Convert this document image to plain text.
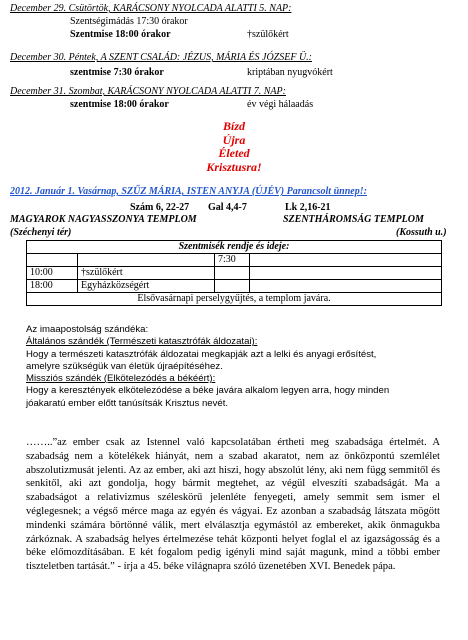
December 29. Csütörtök, KARÁCSONY NYOLCADA ALATTI 5. NAP:
Szentségimádás 17:30 órakor
Szentmise 18:00 órakor	†szülőkért
December 30. Péntek, A SZENT CSALÁD: JÉZUS, MÁRIA ÉS JÓZSEF Ü.:
szentmise 7:30 órakor	kriptában nyugvókért
December 31. Szombat, KARÁCSONY NYOLCADA ALATTI 7. NAP:
szentmise 18:00 órakor	év végi hálaadás
Bízd
Újra
Életed
Krisztusra!
2012. Január 1. Vasárnap, SZŰZ MÁRIA, ISTEN ANYJA (ÚJÉV) Parancsolt ünnep!:
Szám 6, 22-27 Gal 4,4-7	Lk 2,16-21
MAGYAROK NAGYASSZONYA TEMPLOM	SZENTHÁROMSÁG TEMPLOM
(Széchenyi tér)	(Kossuth u.)
Szentmisék rendje és ideje:			
		7:30	
10:00	†szülőkért		
18:00	Egyházközségért		
Elsővasárnapi perselygyűjtés, a templom javára.			
Az imaapostolság szándéka:
Általános szándék (Természeti katasztrófák áldozatai):
Hogy a természeti katasztrófák áldozatai megkapják azt a lelki és anyagi erősítést,
amelyre szükségük van életük újraépítéséhez.
Missziós szándék (Elkötelezódés a békéért):
Hogy a keresztények elkötelezódése a béke javára alkalom legyen arra, hogy minden
jóakaratú ember előtt tanúsítsák Krisztus nevét.
……..”az ember csak az Istennel való kapcsolatában értheti meg szabadsága értelmét. A szabadság nem a kötelékek hiányát, nem a szabad akaratot, nem az önközpontú szemlélet abszolutizmusát jelenti. Az az ember, aki azt hiszi, hogy abszolút lény, aki nem függ semmitől és senkitől, aki azt gondolja, hogy bármit megtehet, az végül elveszíti szabadságát. Ma a szabadságot a relativizmus széleskörű jelenléte fenyegeti, amely semmit sem ismer el véglegesnek; a végső mérce maga az egyén és vágyai. Ez azonban a szabadság látszata mögött mindenki számára börtönné válik, mert elválasztja egymástól az embereket, akik önmagukba zárkóznak. A szabadság helyes értelmezése tehát központi helyet foglal el az igazságosság és a béke előmozdításában. E két fogalom pedig igényli mind saját magunk, mind a többi ember tiszteletben tartását.” - írja a 45. béke világnapra szóló üzenetében XVI. Benedek pápa.
